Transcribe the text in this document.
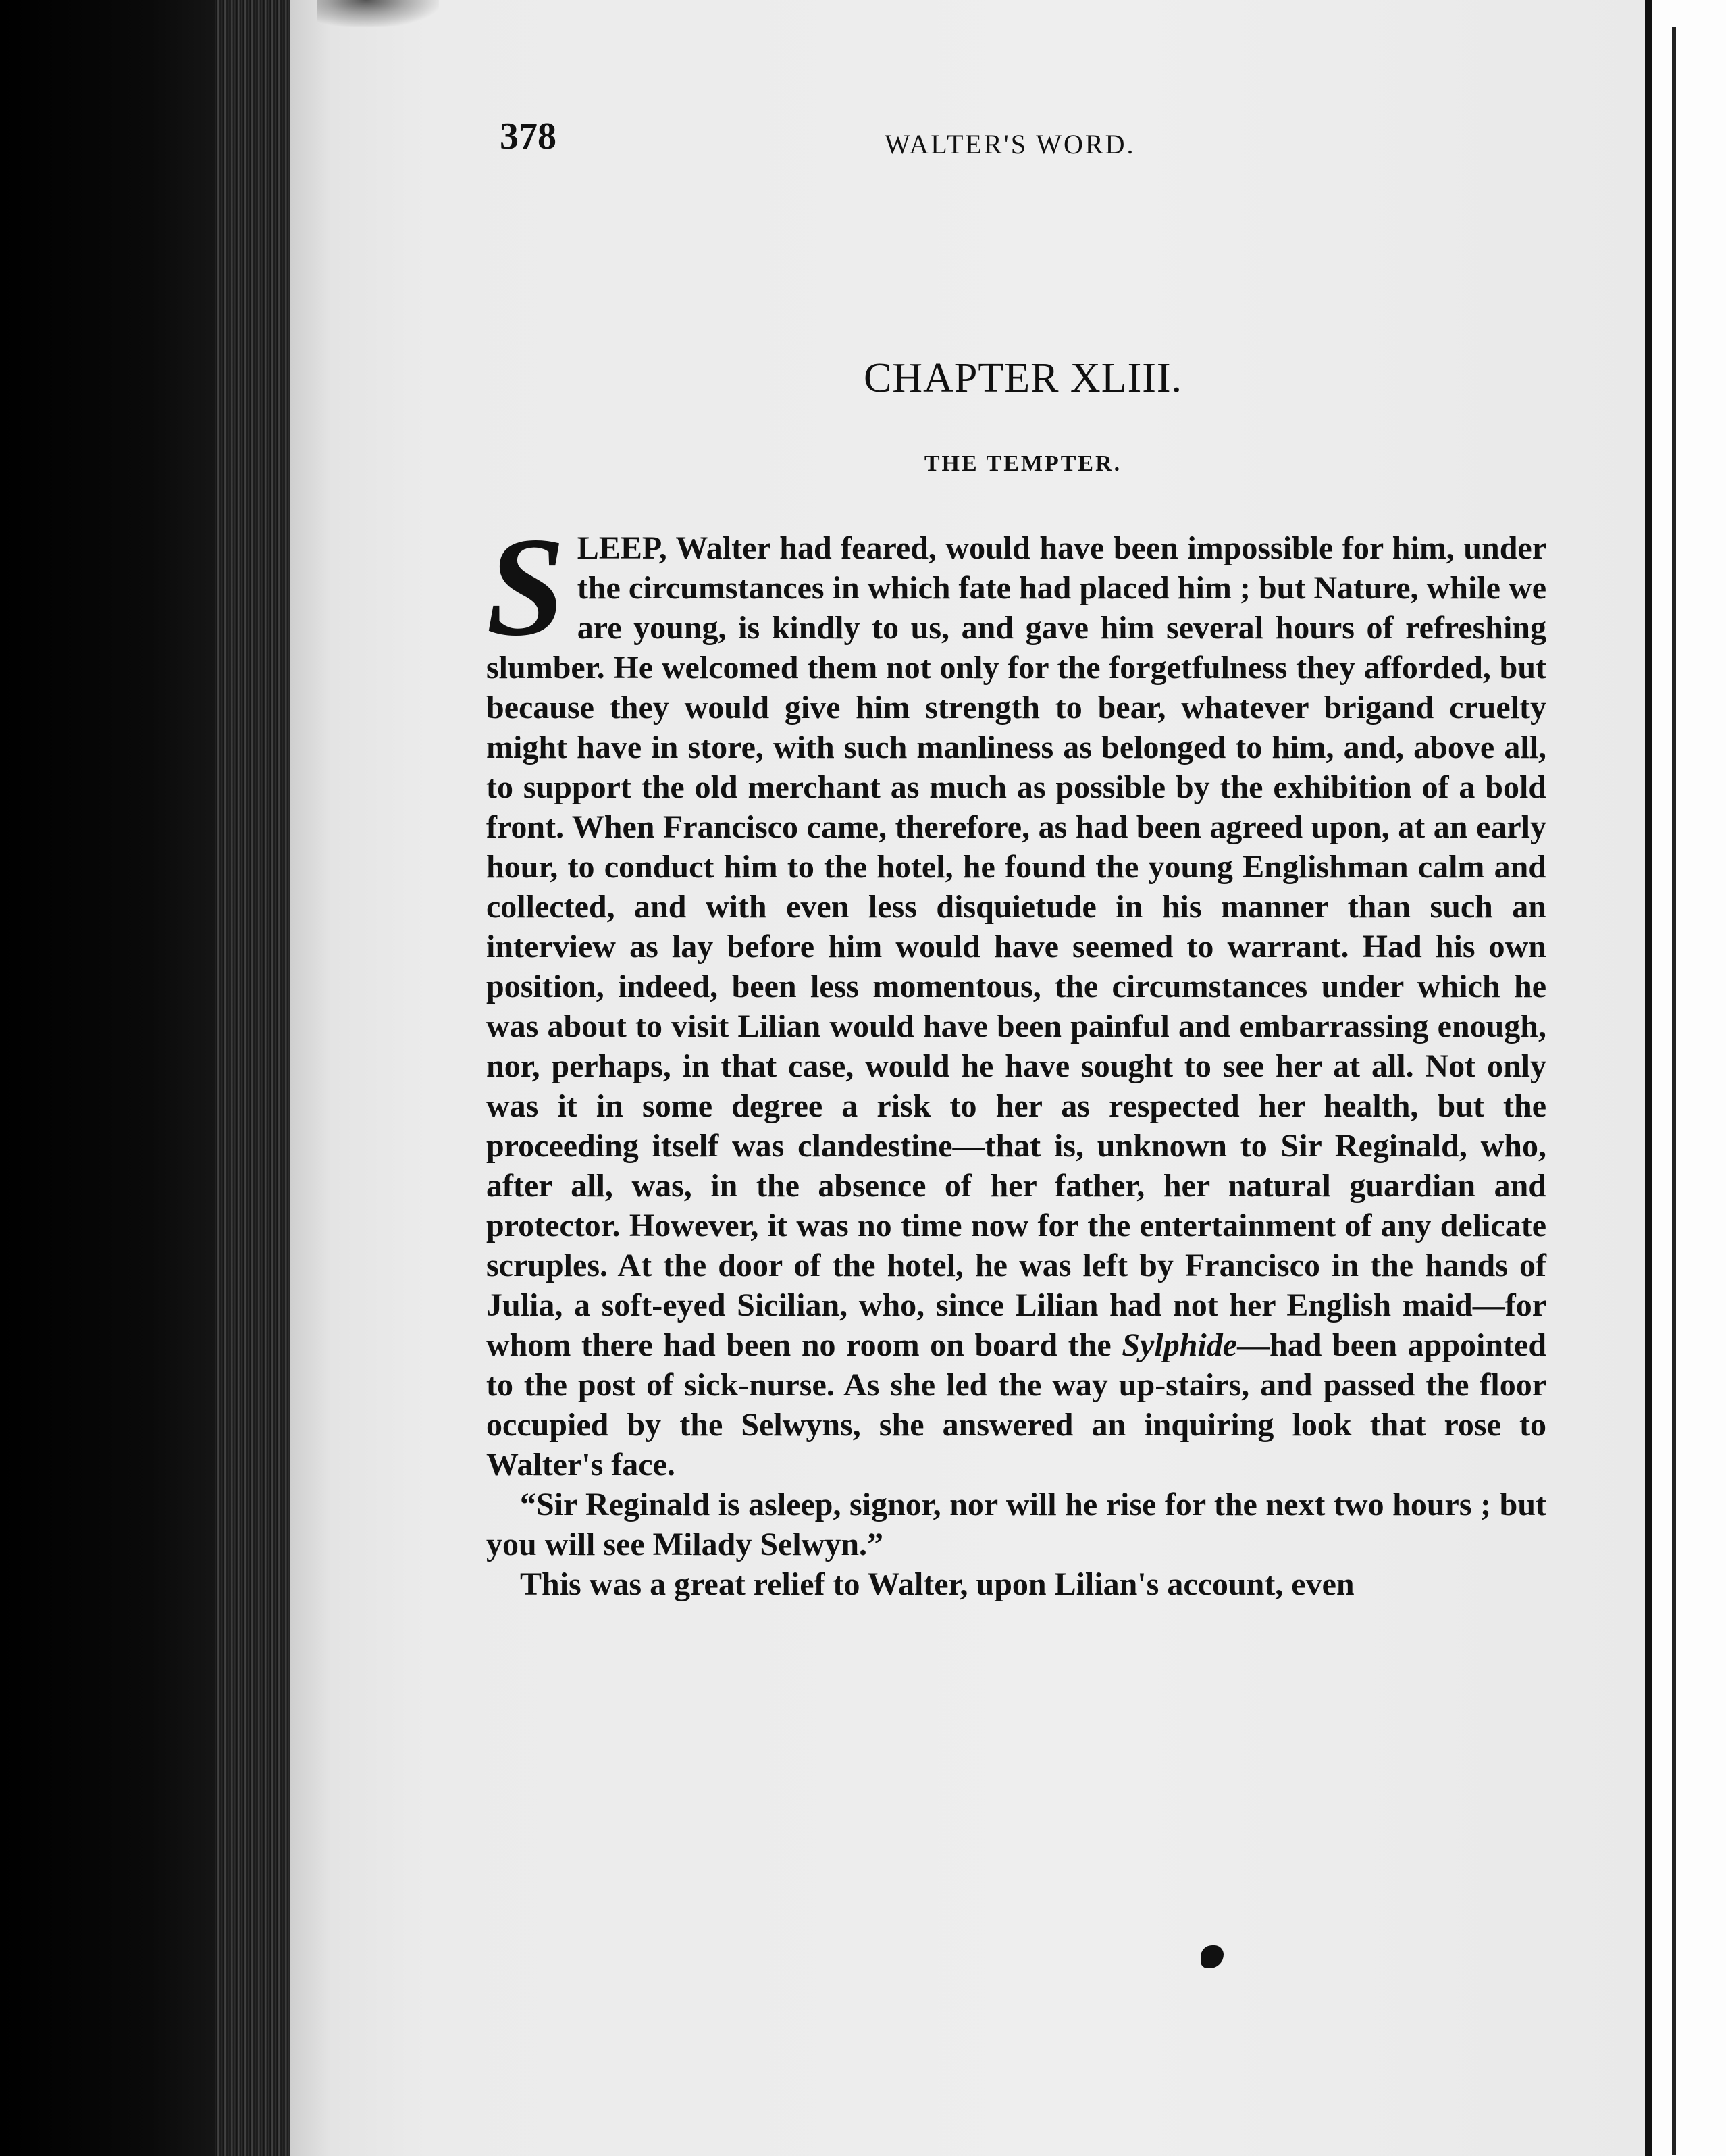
378	WALTER'S WORD.
CHAPTER XLIII.
THE TEMPTER.

SLEEP, Walter had feared, would have been impossible for him, under the circumstances in which fate had placed him ; but Nature, while we are young, is kindly to us, and gave him several hours of refreshing slumber. He welcomed them not only for the forgetfulness they afforded, but because they would give him strength to bear, whatever brigand cruelty might have in store, with such manliness as belonged to him, and, above all, to support the old merchant as much as possible by the exhibition of a bold front. When Francisco came, therefore, as had been agreed upon, at an early hour, to conduct him to the hotel, he found the young Englishman calm and collected, and with even less disquietude in his manner than such an interview as lay before him would have seemed to warrant. Had his own position, indeed, been less momentous, the circumstances under which he was about to visit Lilian would have been painful and embarrassing enough, nor, perhaps, in that case, would he have sought to see her at all. Not only was it in some degree a risk to her as respected her health, but the proceeding itself was clandestine—that is, unknown to Sir Reginald, who, after all, was, in the absence of her father, her natural guardian and protector. However, it was no time now for the entertainment of any delicate scruples. At the door of the hotel, he was left by Francisco in the hands of Julia, a soft-eyed Sicilian, who, since Lilian had not her English maid—for whom there had been no room on board the Sylphide—had been appointed to the post of sick-nurse. As she led the way up-stairs, and passed the floor occupied by the Selwyns, she answered an inquiring look that rose to Walter's face.

“Sir Reginald is asleep, signor, nor will he rise for the next two hours ; but you will see Milady Selwyn.”

This was a great relief to Walter, upon Lilian's account, even
